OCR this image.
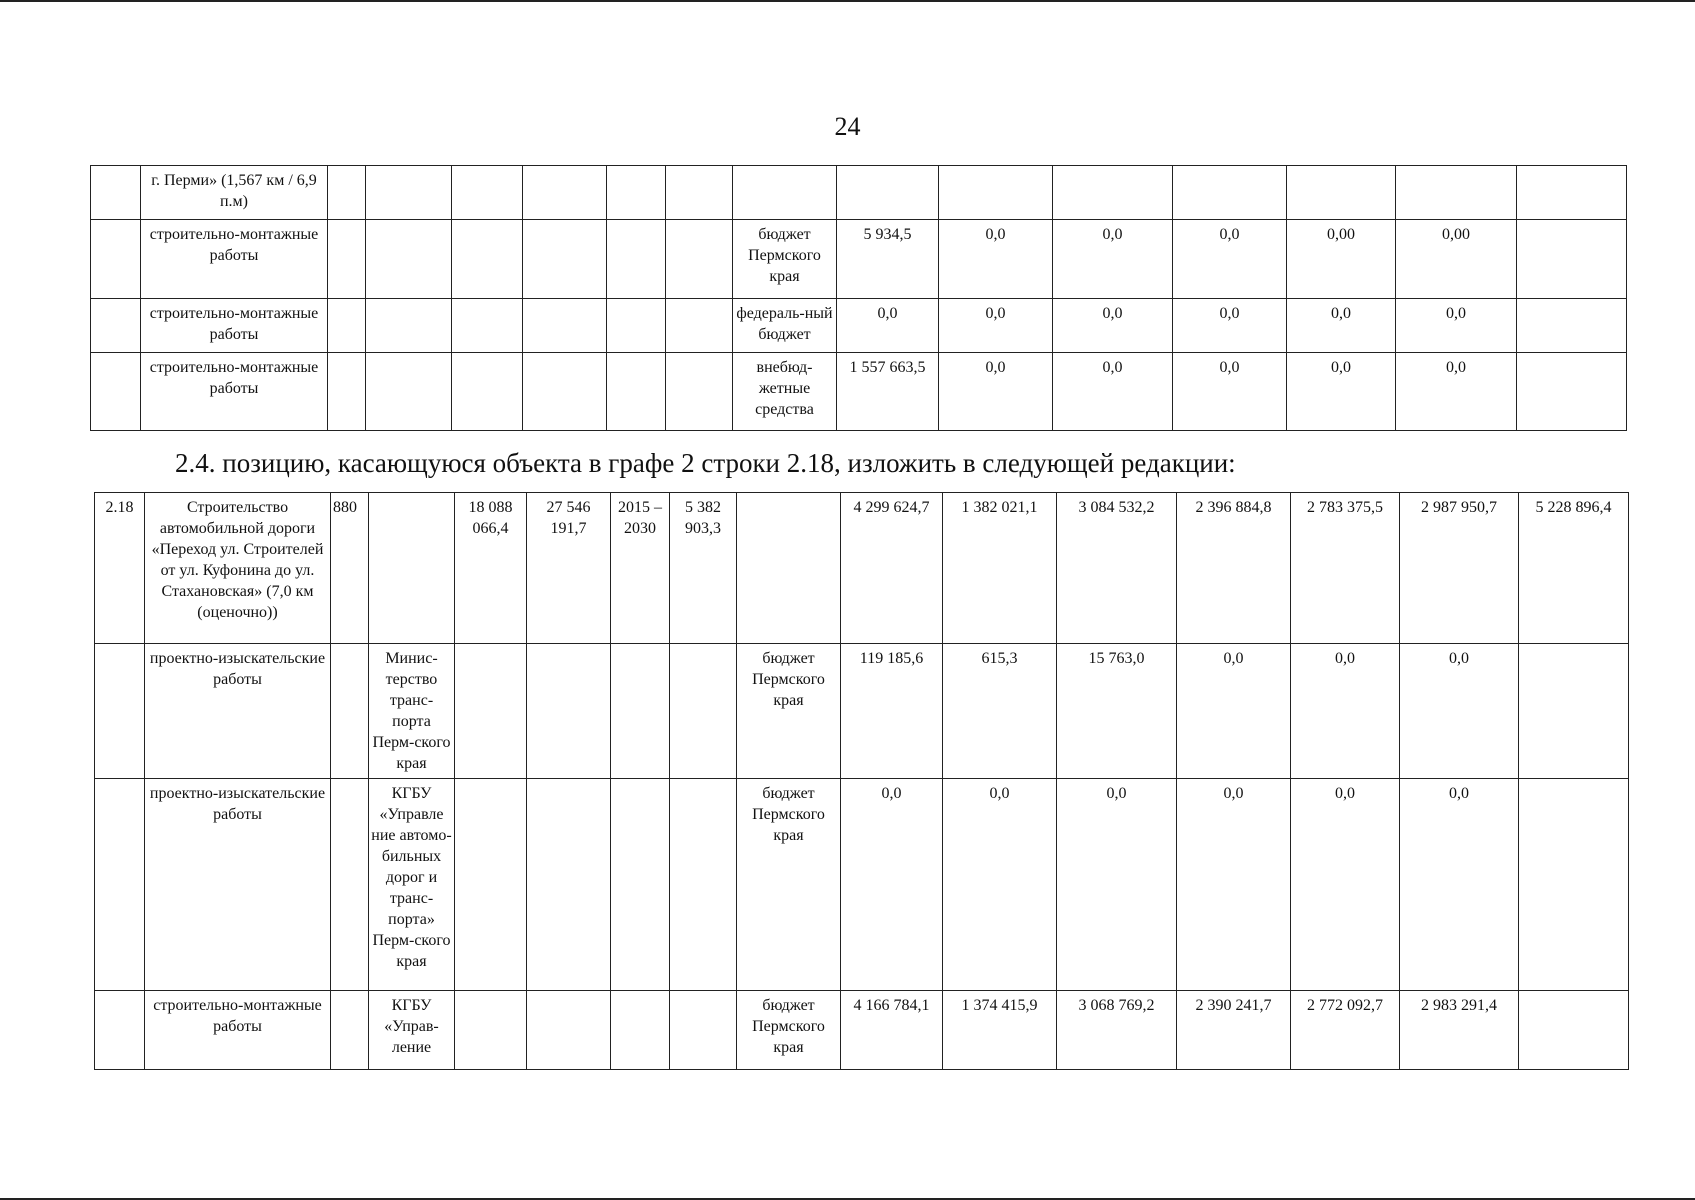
24
	г. Перми» (1,567 км / 6,9 п.м)														
	строительно-монтажные работы							бюджет Пермского края	5 934,5	0,0	0,0	0,0	0,00	0,00	
	строительно-монтажные работы							федераль-ный бюджет	0,0	0,0	0,0	0,0	0,0	0,0	
	строительно-монтажные работы							внебюд-жетные средства	1 557 663,5	0,0	0,0	0,0	0,0	0,0	
2.4. позицию, касающуюся объекта в графе 2 строки 2.18, изложить в следующей редакции:
2.18	Строительство автомобильной дороги «Переход ул. Строителей от ул. Куфонина до ул. Стахановская» (7,0 км (оценочно))	880		18 088 066,4	27 546 191,7	2015 – 2030	5 382 903,3		4 299 624,7	1 382 021,1	3 084 532,2	2 396 884,8	2 783 375,5	2 987 950,7	5 228 896,4
	проектно-изыскательские работы		Минис-терство транс-порта Перм-ского края					бюджет Пермского края	119 185,6	615,3	15 763,0	0,0	0,0	0,0	
	проектно-изыскательские работы		КГБУ «Управле ние автомо-бильных дорог и транс-порта» Перм-ского края					бюджет Пермского края	0,0	0,0	0,0	0,0	0,0	0,0	
	строительно-монтажные работы		КГБУ «Управ-ление					бюджет Пермского края	4 166 784,1	1 374 415,9	3 068 769,2	2 390 241,7	2 772 092,7	2 983 291,4	
